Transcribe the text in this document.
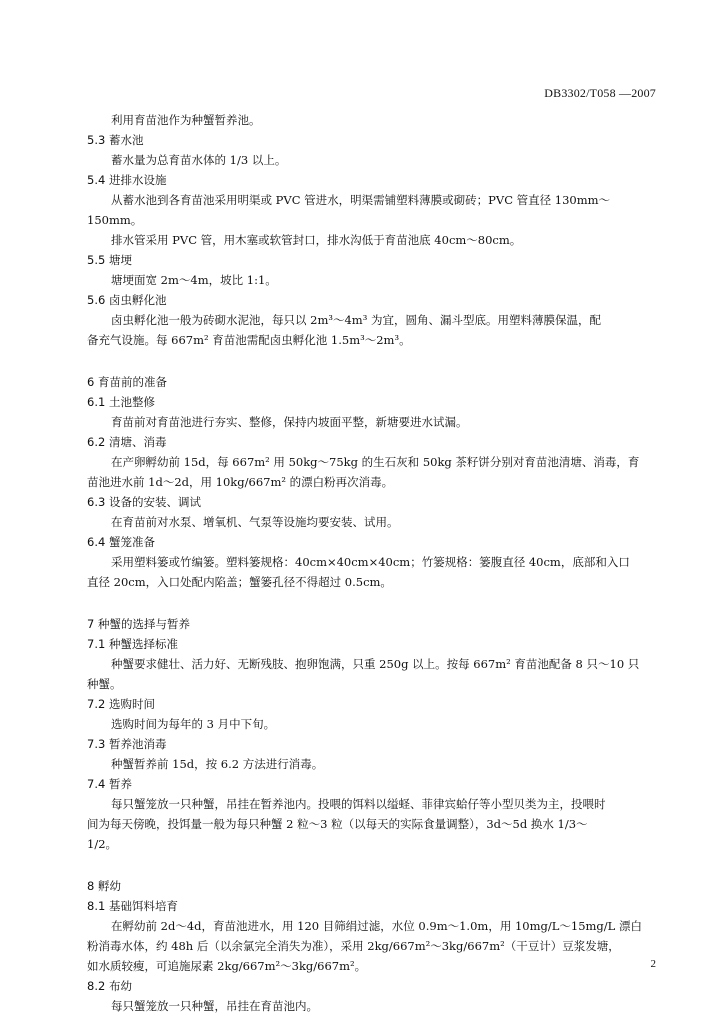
DB3302/T058 —2007
利用育苗池作为种蟹暂养池。
5.3 蓄水池
蓄水量为总育苗水体的 1/3 以上。
5.4 进排水设施
从蓄水池到各育苗池采用明渠或 PVC 管进水，明渠需铺塑料薄膜或砌砖；PVC 管直径 130mm～
150mm。
排水管采用 PVC 管，用木塞或软管封口，排水沟低于育苗池底 40cm～80cm。
5.5 塘埂
塘埂面宽 2m～4m，坡比 1:1。
5.6 卤虫孵化池
卤虫孵化池一般为砖砌水泥池，每只以 2m³～4m³ 为宜，圆角、漏斗型底。用塑料薄膜保温，配
备充气设施。每 667m² 育苗池需配卤虫孵化池 1.5m³～2m³。
6 育苗前的准备
6.1 土池整修
育苗前对育苗池进行夯实、整修，保持内坡面平整，新塘要进水试漏。
6.2 清塘、消毒
在产卵孵幼前 15d，每 667m² 用 50kg～75kg 的生石灰和 50kg 茶籽饼分别对育苗池清塘、消毒，育
苗池进水前 1d～2d，用 10kg/667m² 的漂白粉再次消毒。
6.3 设备的安装、调试
在育苗前对水泵、增氧机、气泵等设施均要安装、试用。
6.4 蟹笼准备
采用塑料篓或竹编篓。塑料篓规格：40cm×40cm×40cm；竹篓规格：篓腹直径 40cm，底部和入口
直径 20cm，入口处配内陷盖；蟹篓孔径不得超过 0.5cm。
7 种蟹的选择与暂养
7.1 种蟹选择标准
种蟹要求健壮、活力好、无断残肢、抱卵饱满，只重 250g 以上。按每 667m² 育苗池配备 8 只～10 只
种蟹。
7.2 选购时间
选购时间为每年的 3 月中下旬。
7.3 暂养池消毒
种蟹暂养前 15d，按 6.2 方法进行消毒。
7.4 暂养
每只蟹笼放一只种蟹，吊挂在暂养池内。投喂的饵料以缢蛏、菲律宾蛤仔等小型贝类为主，投喂时
间为每天傍晚，投饵量一般为每只种蟹 2 粒～3 粒（以每天的实际食量调整），3d～5d 换水 1/3～
1/2。
8 孵幼
8.1 基础饵料培育
在孵幼前 2d～4d，育苗池进水，用 120 目筛绢过滤，水位 0.9m～1.0m，用 10mg/L～15mg/L 漂白
粉消毒水体，约 48h 后（以余氯完全消失为准），采用 2kg/667m²～3kg/667m²（干豆计）豆浆发塘，
如水质较瘦，可追施尿素 2kg/667m²～3kg/667m²。
8.2 布幼
每只蟹笼放一只种蟹，吊挂在育苗池内。
2
